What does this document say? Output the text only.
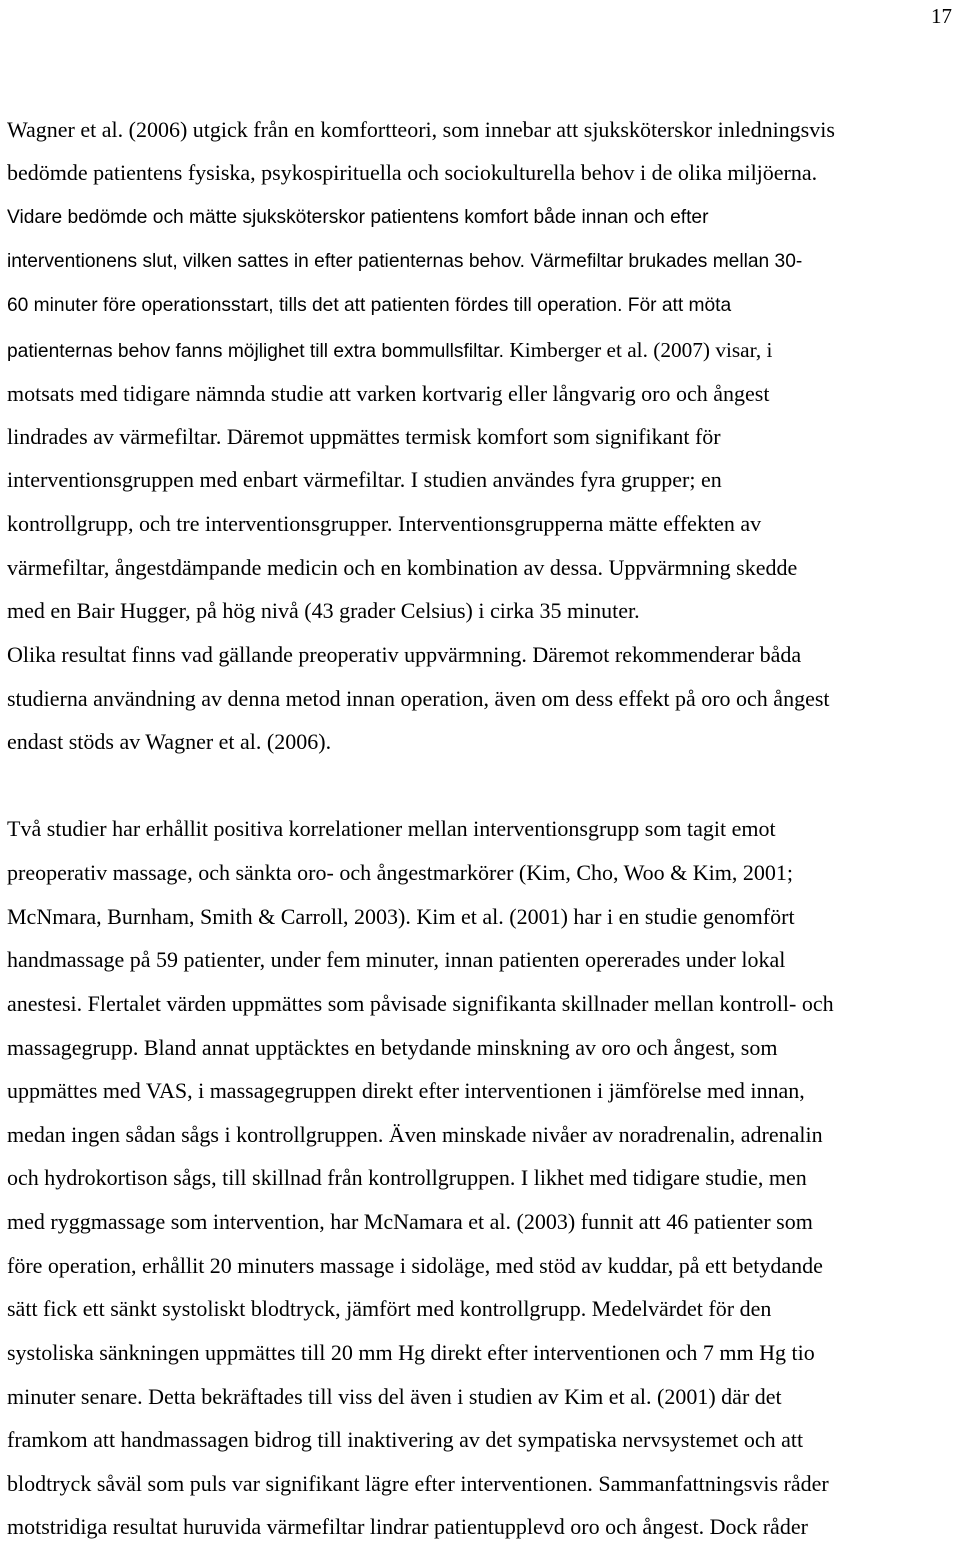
17
Wagner et al. (2006) utgick från en komfortteori, som innebar att sjuksköterskor inledningsvis
bedömde patientens fysiska, psykospirituella och sociokulturella behov i de olika miljöerna.
Vidare bedömde och mätte sjuksköterskor patientens komfort både innan och efter
interventionens slut, vilken sattes in efter patienternas behov. Värmefiltar brukades mellan 30-
60 minuter före operationsstart, tills det att patienten fördes till operation. För att möta
patienternas behov fanns möjlighet till extra bommullsfiltar. Kimberger et al. (2007) visar, i
motsats med tidigare nämnda studie att varken kortvarig eller långvarig oro och ångest
lindrades av värmefiltar. Däremot uppmättes termisk komfort som signifikant för
interventionsgruppen med enbart värmefiltar. I studien användes fyra grupper; en
kontrollgrupp, och tre interventionsgrupper. Interventionsgrupperna mätte effekten av
värmefiltar, ångestdämpande medicin och en kombination av dessa. Uppvärmning skedde
med en Bair Hugger, på hög nivå (43 grader Celsius) i cirka 35 minuter.
Olika resultat finns vad gällande preoperativ uppvärmning. Däremot rekommenderar båda
studierna användning av denna metod innan operation, även om dess effekt på oro och ångest
endast stöds av Wagner et al. (2006).
Två studier har erhållit positiva korrelationer mellan interventionsgrupp som tagit emot
preoperativ massage, och sänkta oro- och ångestmarkörer (Kim, Cho, Woo & Kim, 2001;
McNmara, Burnham, Smith & Carroll, 2003). Kim et al. (2001) har i en studie genomfört
handmassage på 59 patienter, under fem minuter, innan patienten opererades under lokal
anestesi. Flertalet värden uppmättes som påvisade signifikanta skillnader mellan kontroll- och
massagegrupp. Bland annat upptäcktes en betydande minskning av oro och ångest, som
uppmättes med VAS, i massagegruppen direkt efter interventionen i jämförelse med innan,
medan ingen sådan sågs i kontrollgruppen. Även minskade nivåer av noradrenalin, adrenalin
och hydrokortison sågs, till skillnad från kontrollgruppen. I likhet med tidigare studie, men
med ryggmassage som intervention, har McNamara et al. (2003) funnit att 46 patienter som
före operation, erhållit 20 minuters massage i sidoläge, med stöd av kuddar, på ett betydande
sätt fick ett sänkt systoliskt blodtryck, jämfört med kontrollgrupp. Medelvärdet för den
systoliska sänkningen uppmättes till 20 mm Hg direkt efter interventionen och 7 mm Hg tio
minuter senare. Detta bekräftades till viss del även i studien av Kim et al. (2001) där det
framkom att handmassagen bidrog till inaktivering av det sympatiska nervsystemet och att
blodtryck såväl som puls var signifikant lägre efter interventionen. Sammanfattningsvis råder
motstridiga resultat huruvida värmefiltar lindrar patientupplevd oro och ångest. Dock råder
